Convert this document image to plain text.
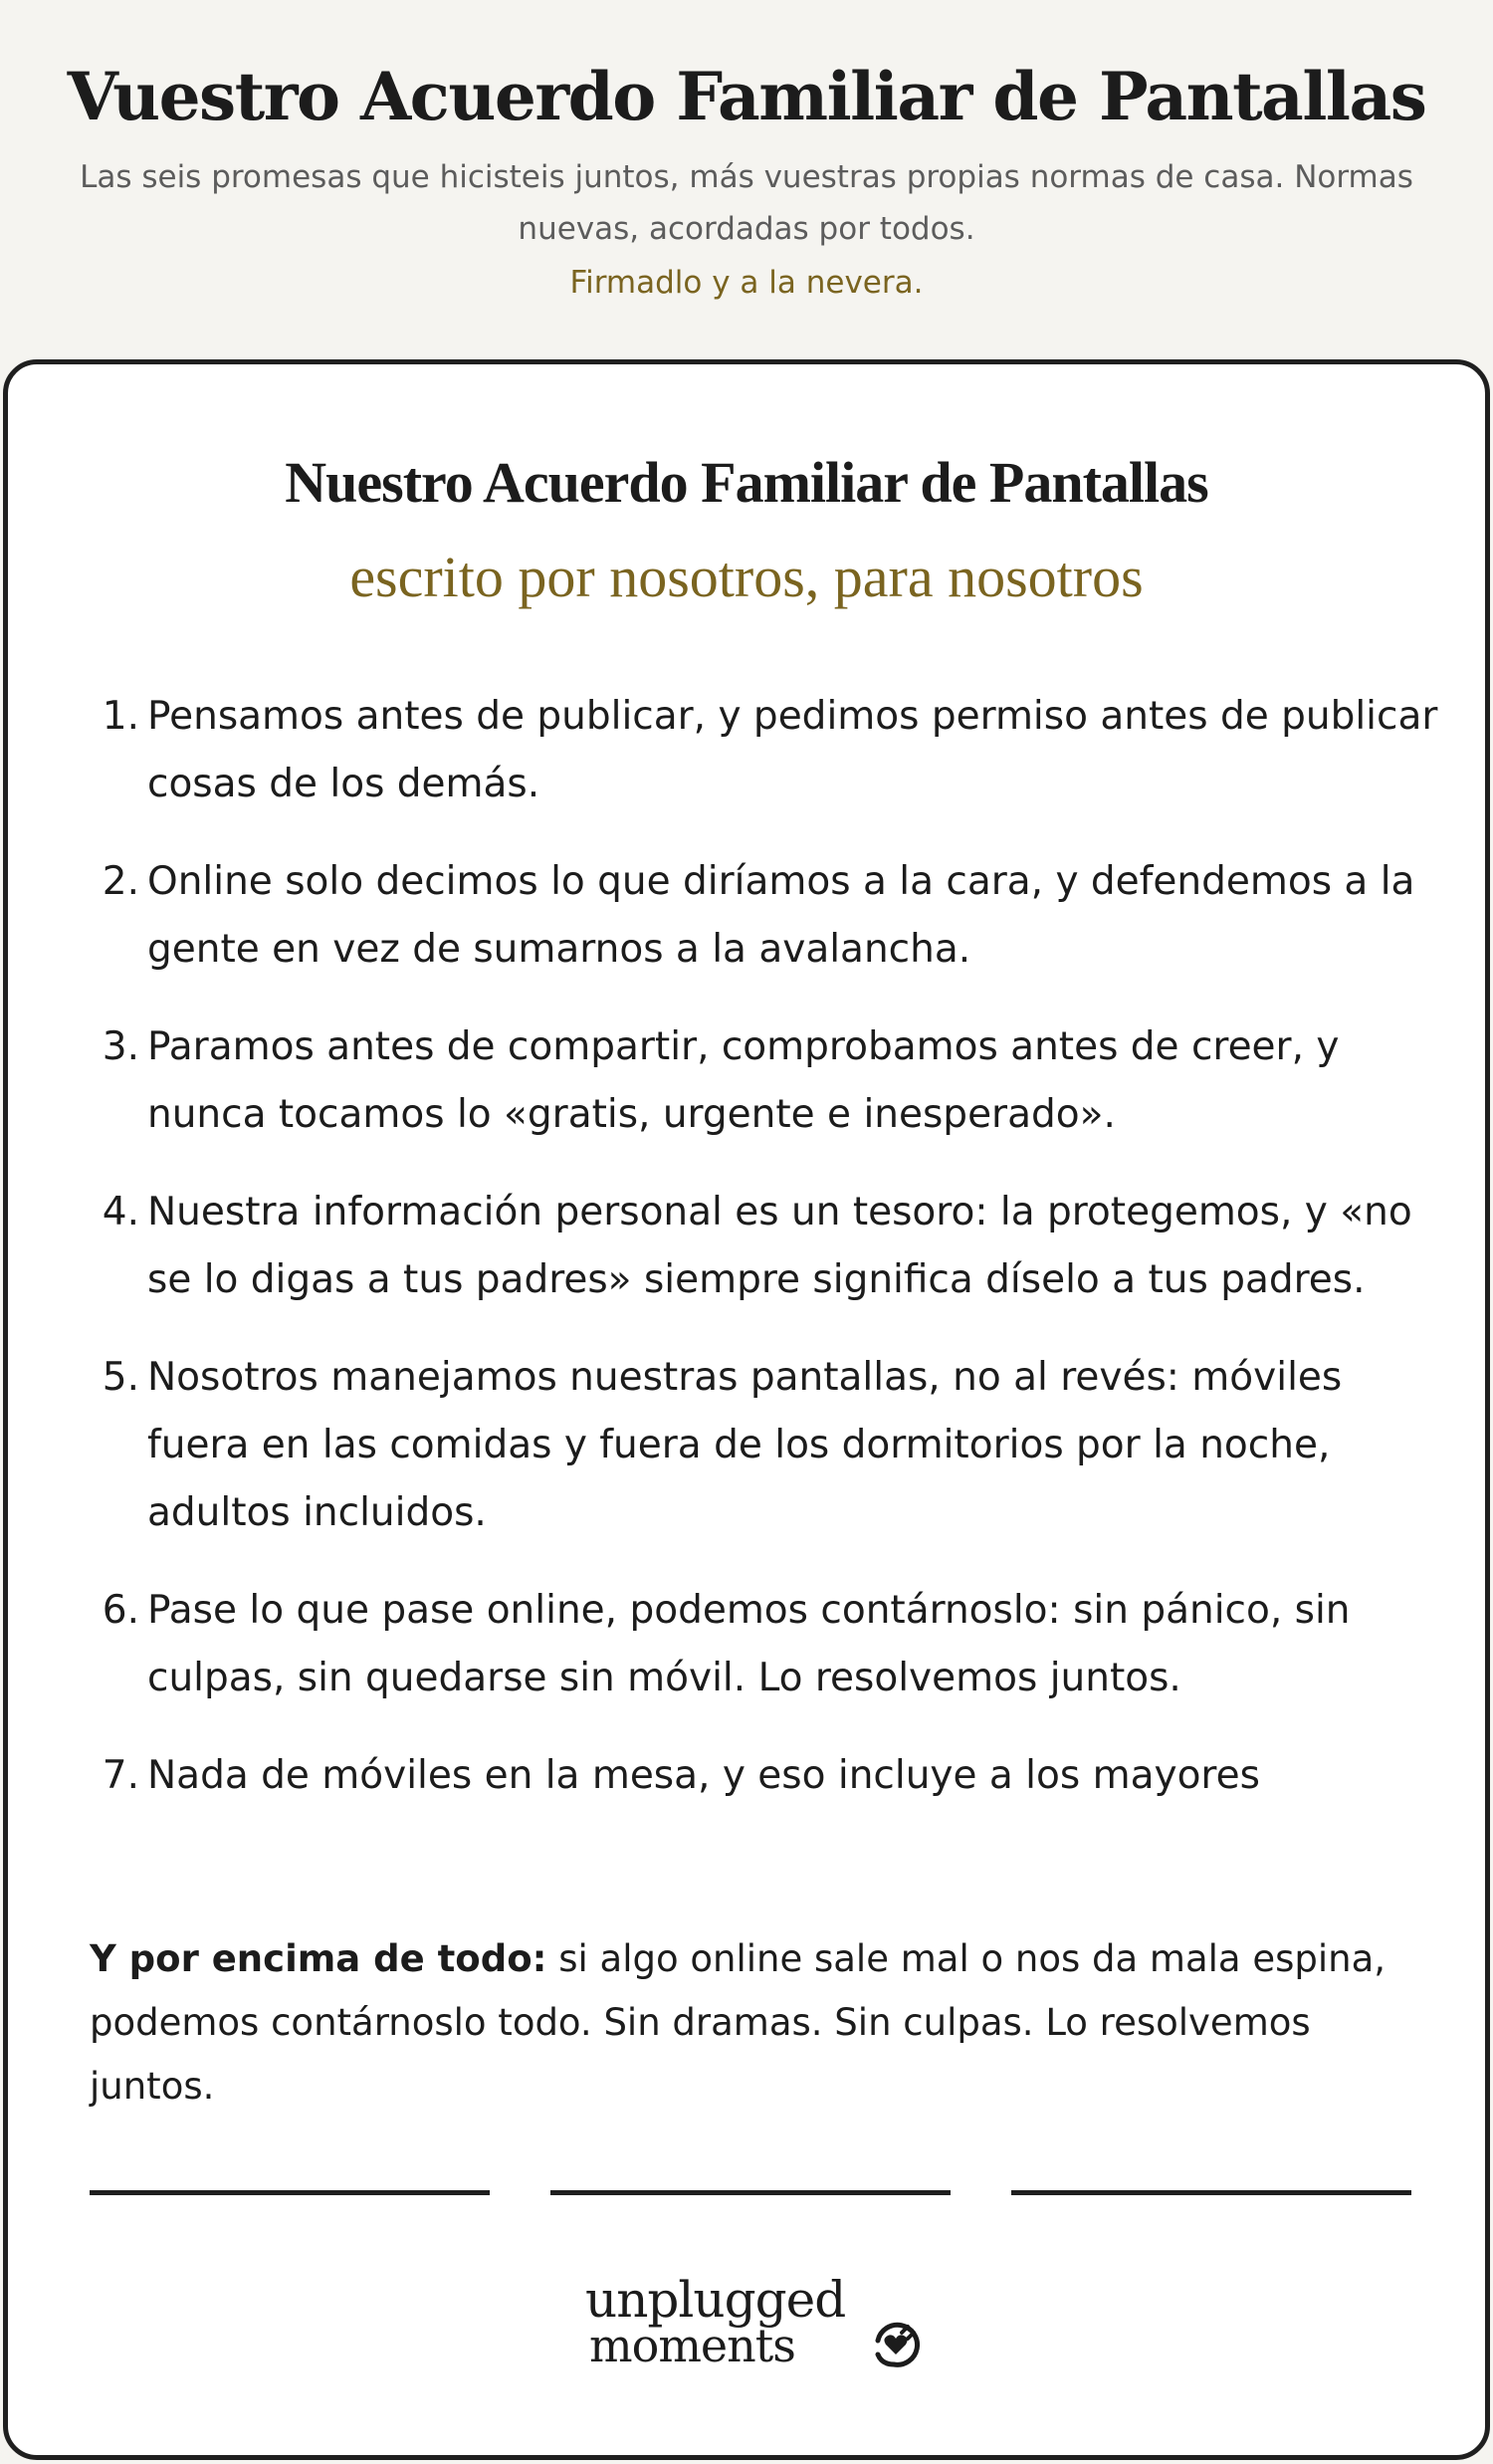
Vuestro Acuerdo Familiar de Pantallas
Las seis promesas que hicisteis juntos, más vuestras propias normas de casa. Normas nuevas, acordadas por todos.
Firmadlo y a la nevera.
Nuestro Acuerdo Familiar de Pantallas
escrito por nosotros, para nosotros
1. Pensamos antes de publicar, y pedimos permiso antes de publicar cosas de los demás.
2. Online solo decimos lo que diríamos a la cara, y defendemos a la gente en vez de sumarnos a la avalancha.
3. Paramos antes de compartir, comprobamos antes de creer, y nunca tocamos lo «gratis, urgente e inesperado».
4. Nuestra información personal es un tesoro: la protegemos, y «no se lo digas a tus padres» siempre significa díselo a tus padres.
5. Nosotros manejamos nuestras pantallas, no al revés: móviles fuera en las comidas y fuera de los dormitorios por la noche, adultos incluidos.
6. Pase lo que pase online, podemos contárnoslo: sin pánico, sin culpas, sin quedarse sin móvil. Lo resolvemos juntos.
7. Nada de móviles en la mesa, y eso incluye a los mayores

Y por encima de todo: si algo online sale mal o nos da mala espina, podemos contárnoslo todo. Sin dramas. Sin culpas. Lo resolvemos juntos.

unplugged
moments
